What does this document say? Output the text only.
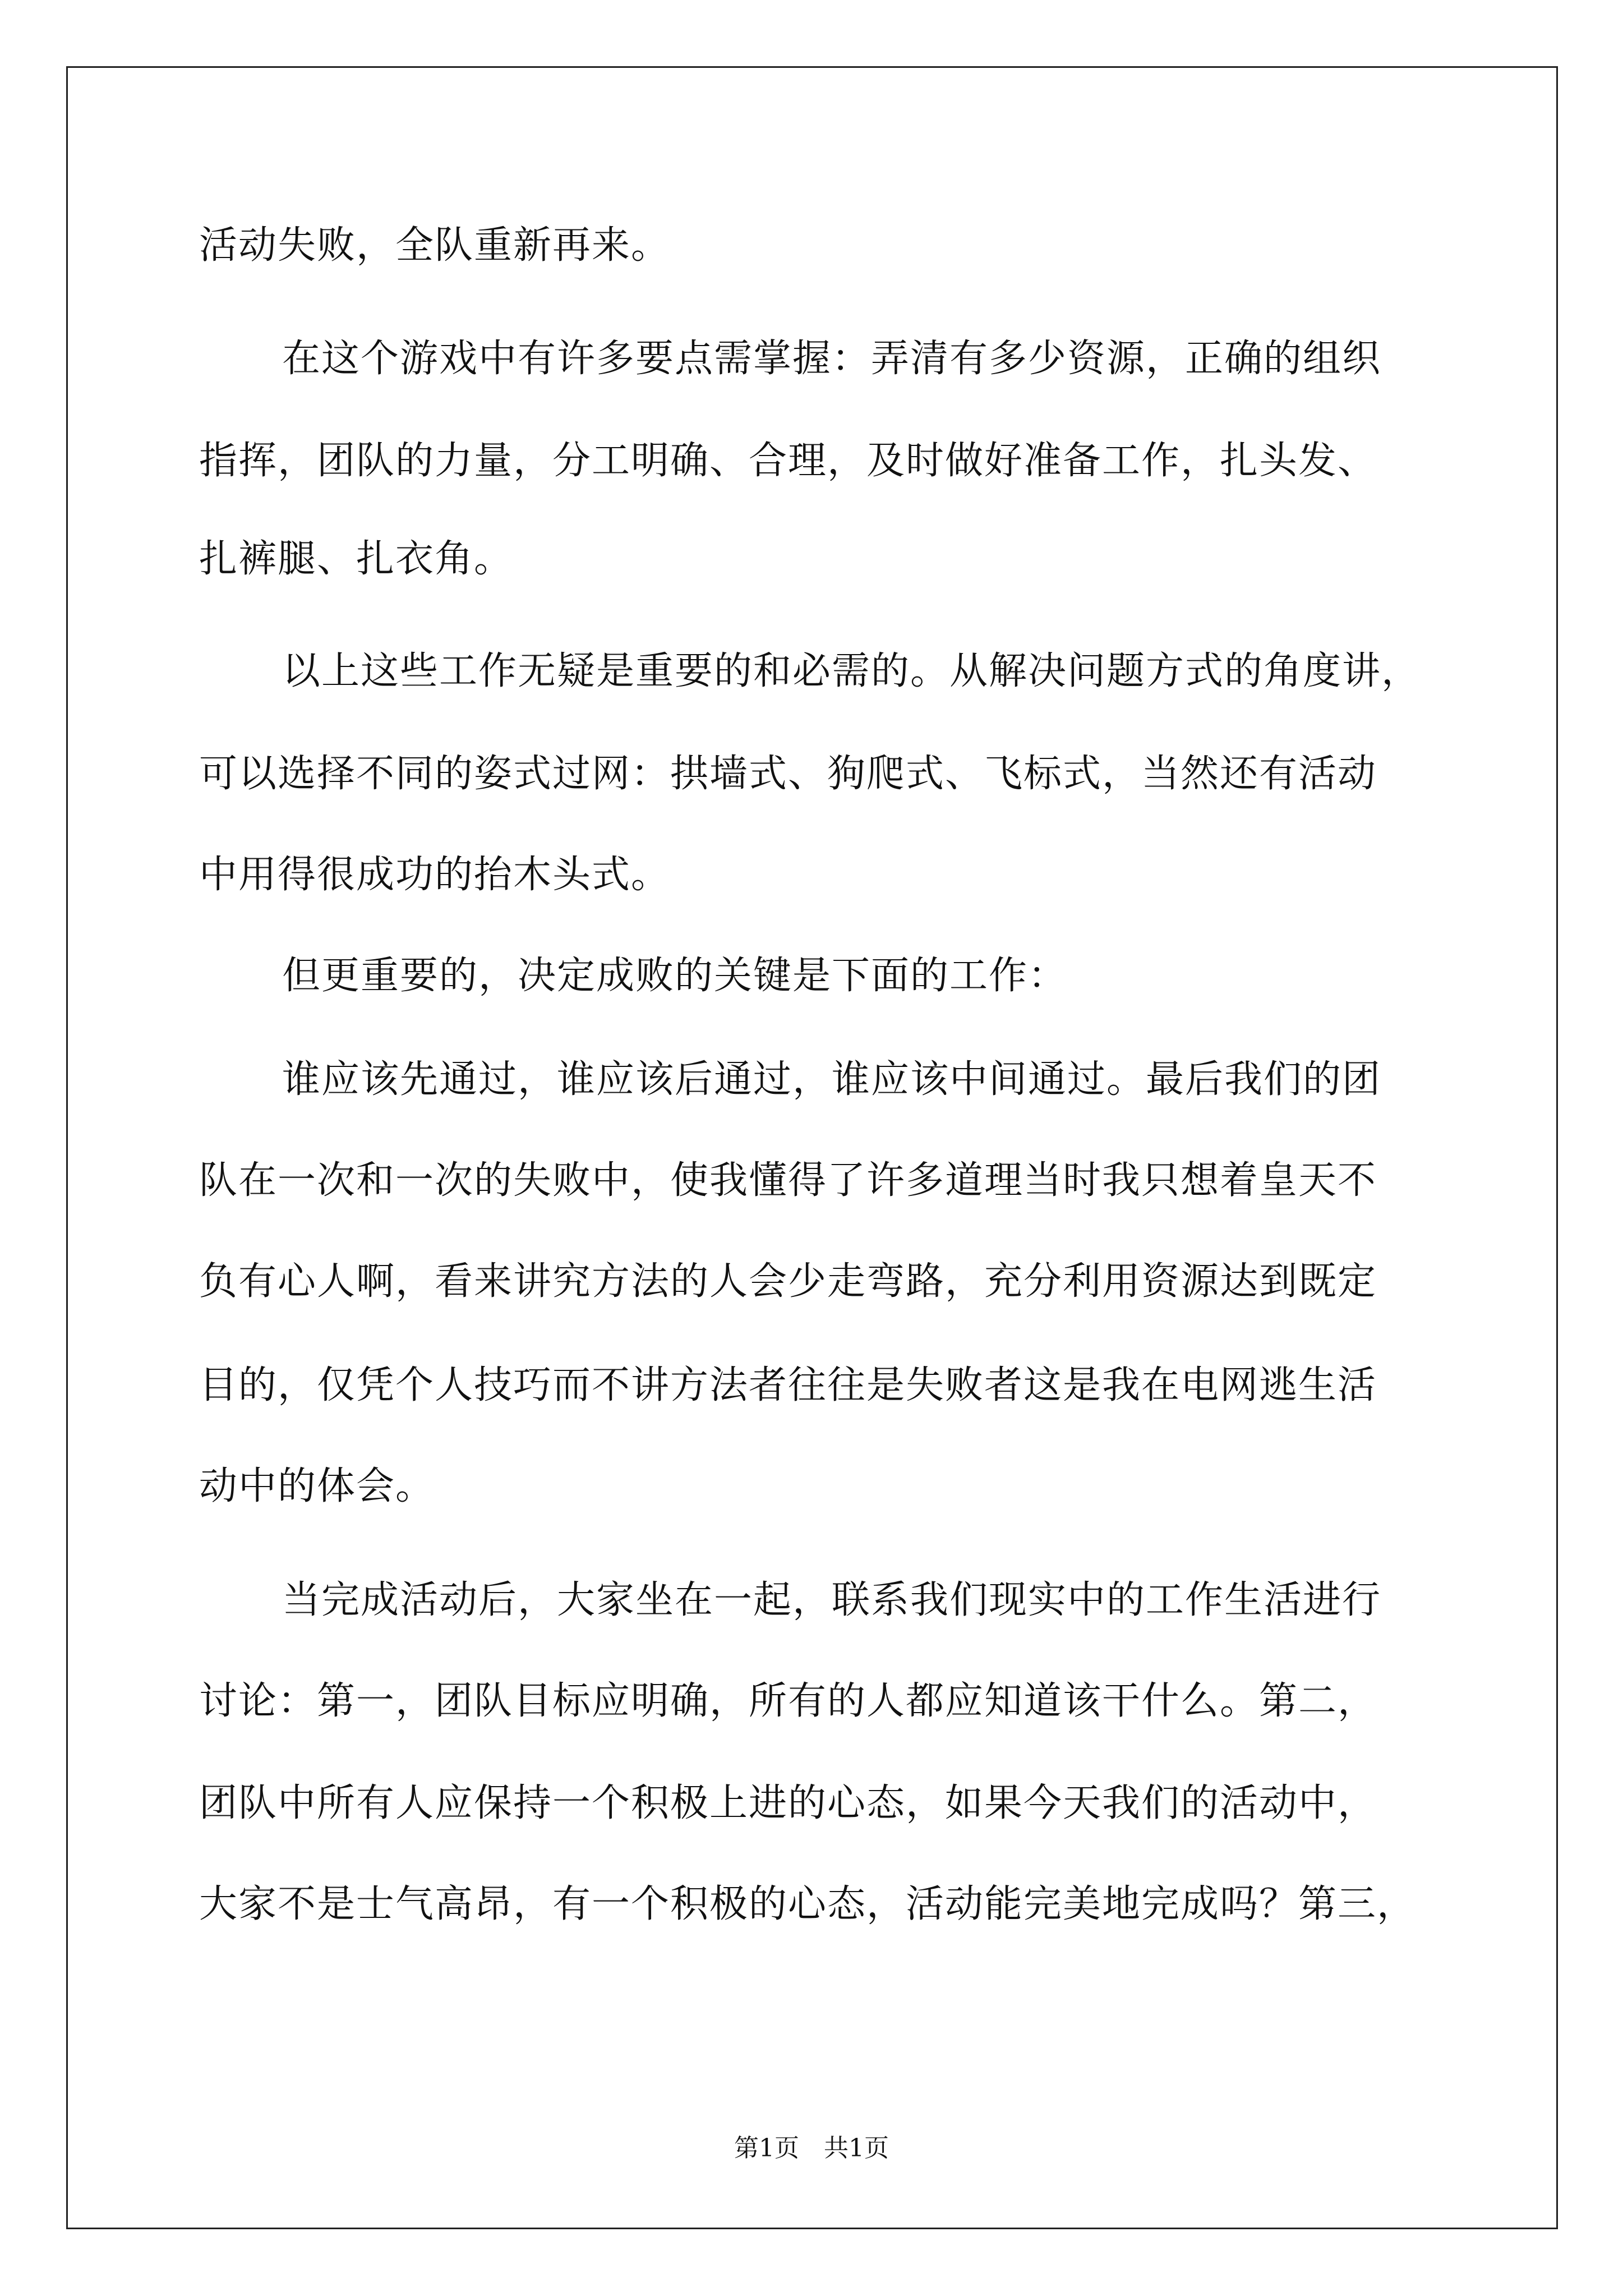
活动失败，全队重新再来。
在这个游戏中有许多要点需掌握：弄清有多少资源，正确的组织
指挥，团队的力量，分工明确、合理，及时做好准备工作，扎头发、
扎裤腿、扎衣角。
以上这些工作无疑是重要的和必需的。从解决问题方式的角度讲，
可以选择不同的姿式过网：拱墙式、狗爬式、飞标式，当然还有活动
中用得很成功的抬木头式。
但更重要的，决定成败的关键是下面的工作：
谁应该先通过，谁应该后通过，谁应该中间通过。最后我们的团
队在一次和一次的失败中，使我懂得了许多道理当时我只想着皇天不
负有心人啊，看来讲究方法的人会少走弯路，充分利用资源达到既定
目的，仅凭个人技巧而不讲方法者往往是失败者这是我在电网逃生活
动中的体会。
当完成活动后，大家坐在一起，联系我们现实中的工作生活进行
讨论：第一，团队目标应明确，所有的人都应知道该干什么。第二，
团队中所有人应保持一个积极上进的心态，如果今天我们的活动中，
大家不是士气高昂，有一个积极的心态，活动能完美地完成吗？第三，
第1页　共1页
